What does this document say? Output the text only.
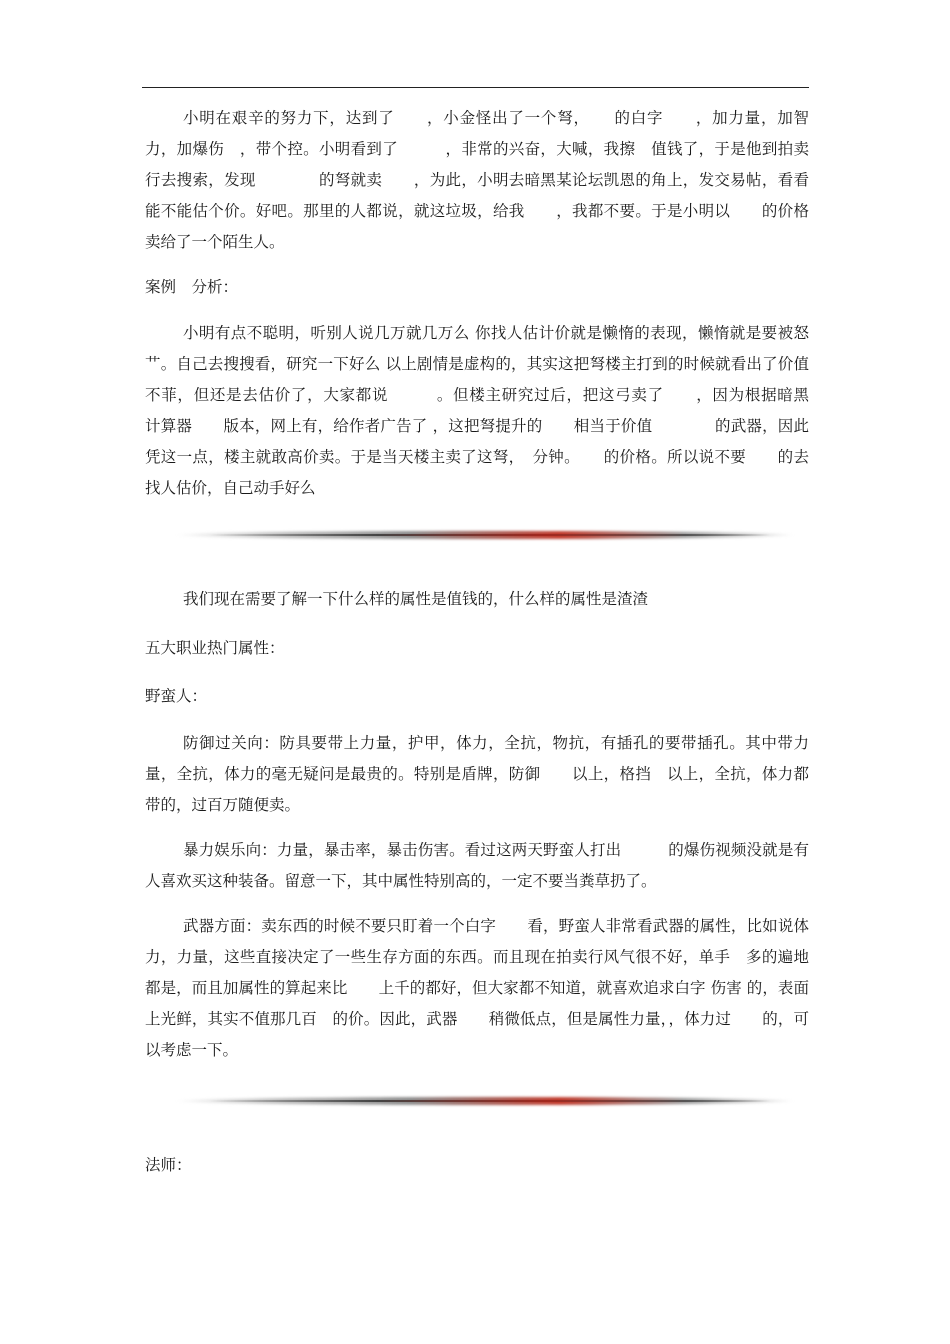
小明在艰辛的努力下，达到了　　，小金怪出了一个弩，　　的白字　　，加力量，加智力，加爆伤　，带个控。小明看到了　　　，非常的兴奋，大喊，我擦　值钱了，于是他到拍卖行去搜索，发现　　　　的弩就卖　　，为此，小明去暗黑某论坛凯恩的角上，发交易帖，看看能不能估个价。好吧。那里的人都说，就这垃圾，给我　　，我都不要。于是小明以　　的价格卖给了一个陌生人。

案例　分析：

小明有点不聪明，听别人说几万就几万么 你找人估计价就是懒惰的表现，懒惰就是要被怒艹。自己去搜搜看，研究一下好么 以上剧情是虚构的，其实这把弩楼主打到的时候就看出了价值不菲，但还是去估价了，大家都说　　　。但楼主研究过后，把这弓卖了　　，因为根据暗黑　　计算器　　版本，网上有，给作者广告了 ，这把弩提升的　　相当于价值　　　　的武器，因此凭这一点，楼主就敢高价卖。于是当天楼主卖了这弩，　分钟。　　的价格。所以说不要　　的去找人估价，自己动手好么

我们现在需要了解一下什么样的属性是值钱的，什么样的属性是渣渣

五大职业热门属性：

野蛮人：

防御过关向：防具要带上力量，护甲，体力，全抗，物抗，有插孔的要带插孔。其中带力量，全抗，体力的毫无疑问是最贵的。特别是盾牌，防御　　以上，格挡　以上，全抗，体力都带的，过百万随便卖。

暴力娱乐向：力量，暴击率，暴击伤害。看过这两天野蛮人打出　　　的爆伤视频没就是有人喜欢买这种装备。留意一下，其中属性特别高的，一定不要当粪草扔了。

武器方面：卖东西的时候不要只盯着一个白字　　看，野蛮人非常看武器的属性，比如说体力，力量，这些直接决定了一些生存方面的东西。而且现在拍卖行风气很不好，单手　多的遍地都是，而且加属性的算起来比　　上千的都好，但大家都不知道，就喜欢追求白字 伤害 的，表面上光鲜，其实不值那几百　的价。因此，武器　　稍微低点，但是属性力量，，体力过　　的，可以考虑一下。

法师：
